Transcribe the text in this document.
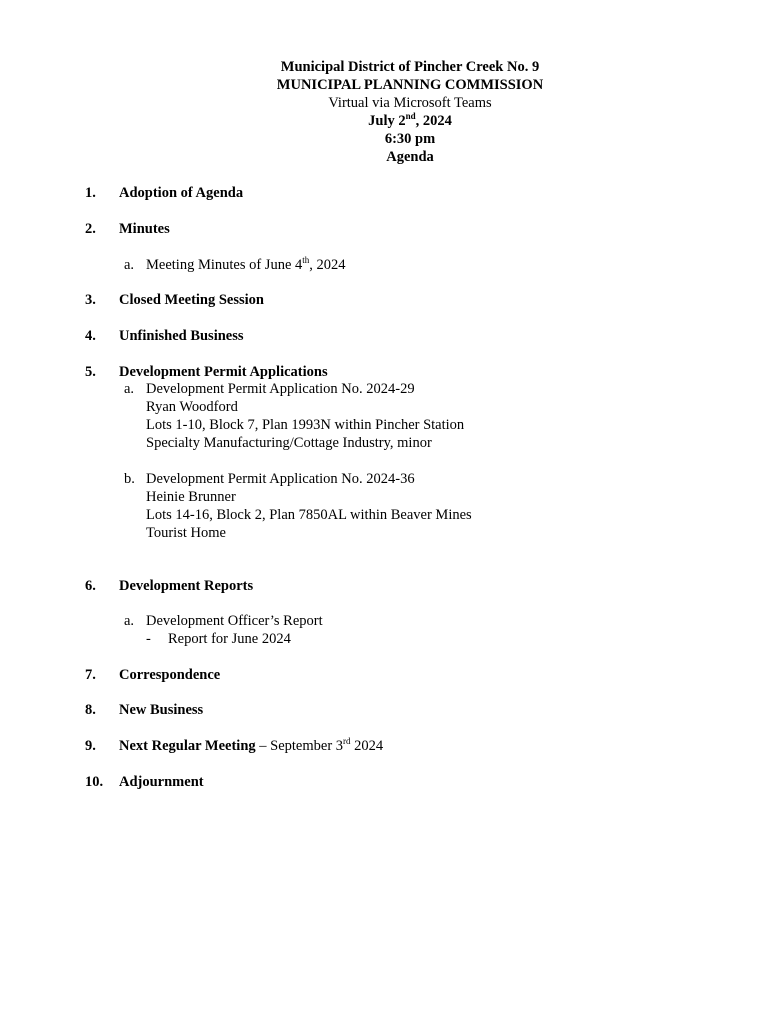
Municipal District of Pincher Creek No. 9
MUNICIPAL PLANNING COMMISSION
Virtual via Microsoft Teams
July 2nd, 2024
6:30 pm
Agenda
1. Adoption of Agenda
2. Minutes
a. Meeting Minutes of June 4th, 2024
3. Closed Meeting Session
4. Unfinished Business
5. Development Permit Applications
a. Development Permit Application No. 2024-29
Ryan Woodford
Lots 1-10, Block 7, Plan 1993N within Pincher Station
Specialty Manufacturing/Cottage Industry, minor
b. Development Permit Application No. 2024-36
Heinie Brunner
Lots 14-16, Block 2, Plan 7850AL within Beaver Mines
Tourist Home
6. Development Reports
a. Development Officer’s Report
- Report for June 2024
7. Correspondence
8. New Business
9. Next Regular Meeting – September 3rd 2024
10. Adjournment
